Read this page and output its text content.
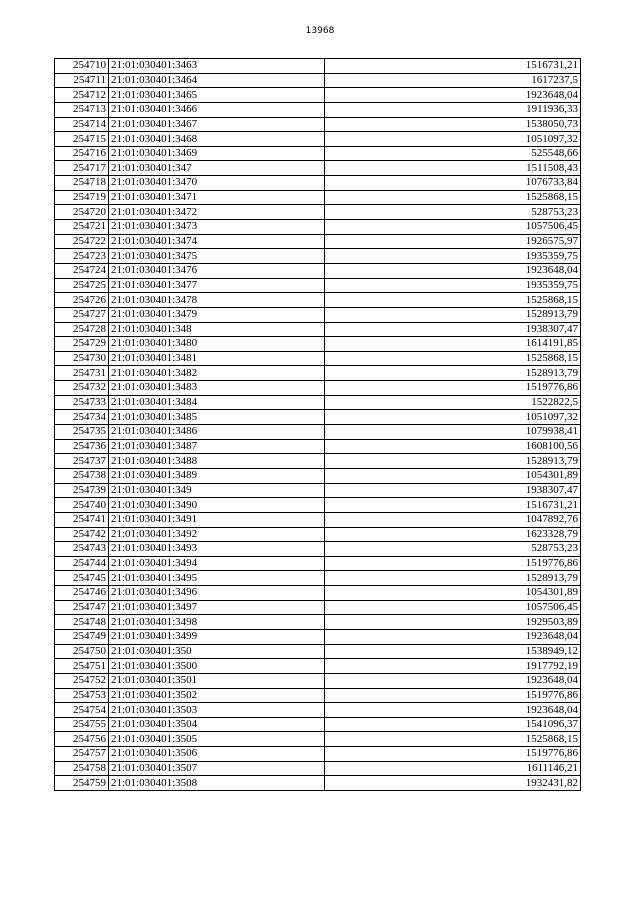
13968
254710	21:01:030401:3463	1516731,21
254711	21:01:030401:3464	1617237,5
254712	21:01:030401:3465	1923648,04
254713	21:01:030401:3466	1911936,33
254714	21:01:030401:3467	1538050,73
254715	21:01:030401:3468	1051097,32
254716	21:01:030401:3469	525548,66
254717	21:01:030401:347	1511508,43
254718	21:01:030401:3470	1076733,84
254719	21:01:030401:3471	1525868,15
254720	21:01:030401:3472	528753,23
254721	21:01:030401:3473	1057506,45
254722	21:01:030401:3474	1926575,97
254723	21:01:030401:3475	1935359,75
254724	21:01:030401:3476	1923648,04
254725	21:01:030401:3477	1935359,75
254726	21:01:030401:3478	1525868,15
254727	21:01:030401:3479	1528913,79
254728	21:01:030401:348	1938307,47
254729	21:01:030401:3480	1614191,85
254730	21:01:030401:3481	1525868,15
254731	21:01:030401:3482	1528913,79
254732	21:01:030401:3483	1519776,86
254733	21:01:030401:3484	1522822,5
254734	21:01:030401:3485	1051097,32
254735	21:01:030401:3486	1079938,41
254736	21:01:030401:3487	1608100,56
254737	21:01:030401:3488	1528913,79
254738	21:01:030401:3489	1054301,89
254739	21:01:030401:349	1938307,47
254740	21:01:030401:3490	1516731,21
254741	21:01:030401:3491	1047892,76
254742	21:01:030401:3492	1623328,79
254743	21:01:030401:3493	528753,23
254744	21:01:030401:3494	1519776,86
254745	21:01:030401:3495	1528913,79
254746	21:01:030401:3496	1054301,89
254747	21:01:030401:3497	1057506,45
254748	21:01:030401:3498	1929503,89
254749	21:01:030401:3499	1923648,04
254750	21:01:030401:350	1538949,12
254751	21:01:030401:3500	1917792,19
254752	21:01:030401:3501	1923648,04
254753	21:01:030401:3502	1519776,86
254754	21:01:030401:3503	1923648,04
254755	21:01:030401:3504	1541096,37
254756	21:01:030401:3505	1525868,15
254757	21:01:030401:3506	1519776,86
254758	21:01:030401:3507	1611146,21
254759	21:01:030401:3508	1932431,82
